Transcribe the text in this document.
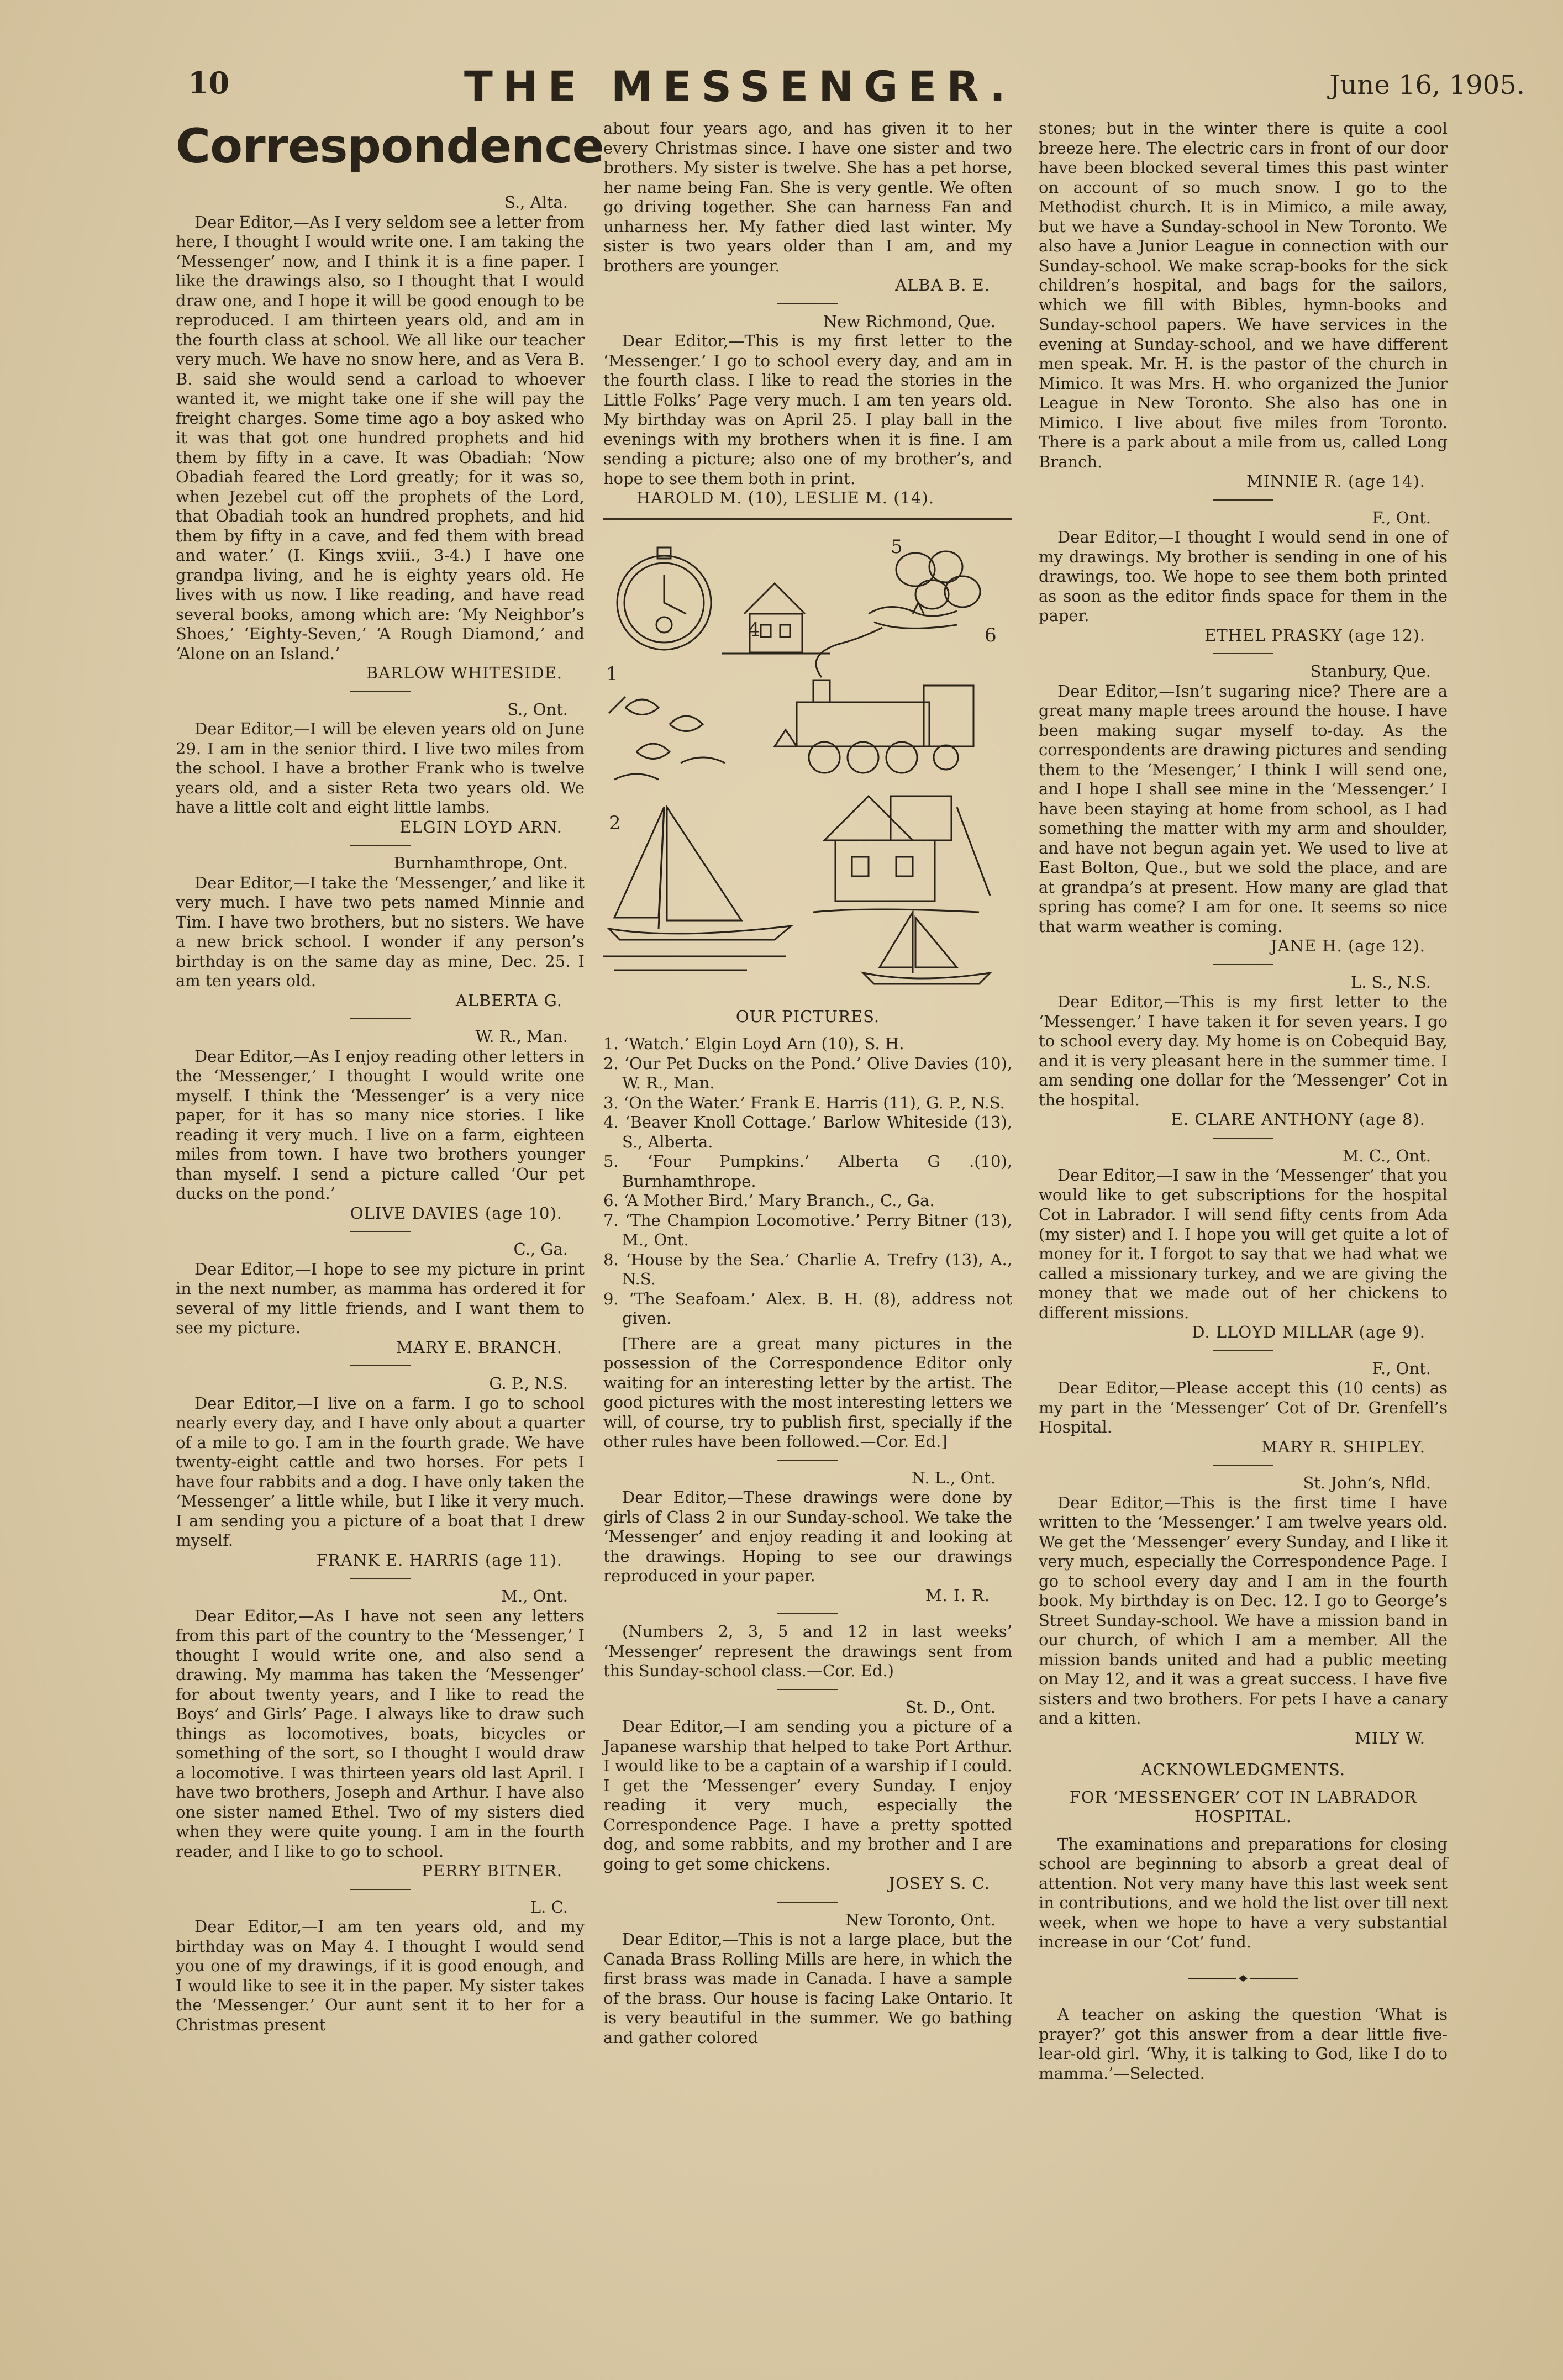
10	THE MESSENGER.	June 16, 1905.
Correspondence

S., Alta.

Dear Editor,—As I very seldom see a letter from here, I thought I would write one. I am taking the ‘Messenger’ now, and I think it is a fine paper. I like the drawings also, so I thought that I would draw one, and I hope it will be good enough to be reproduced. I am thirteen years old, and am in the fourth class at school. We all like our teacher very much. We have no snow here, and as Vera B. B. said she would send a carload to whoever wanted it, we might take one if she will pay the freight charges. Some time ago a boy asked who it was that got one hundred prophets and hid them by fifty in a cave. It was Obadiah: ‘Now Obadiah feared the Lord greatly; for it was so, when Jezebel cut off the prophets of the Lord, that Obadiah took an hundred prophets, and hid them by fifty in a cave, and fed them with bread and water.’ (I. Kings xviii., 3-4.) I have one grandpa living, and he is eighty years old. He lives with us now. I like reading, and have read several books, among which are: ‘My Neighbor’s Shoes,’ ‘Eighty-Seven,’ ‘A Rough Diamond,’ and ‘Alone on an Island.’

BARLOW WHITESIDE.

S., Ont.

Dear Editor,—I will be eleven years old on June 29. I am in the senior third. I live two miles from the school. I have a brother Frank who is twelve years old, and a sister Reta two years old. We have a little colt and eight little lambs.

ELGIN LOYD ARN.

Burnhamthrope, Ont.

Dear Editor,—I take the ‘Messenger,’ and like it very much. I have two pets named Minnie and Tim. I have two brothers, but no sisters. We have a new brick school. I wonder if any person’s birthday is on the same day as mine, Dec. 25. I am ten years old.

ALBERTA G.

W. R., Man.

Dear Editor,—As I enjoy reading other letters in the ‘Messenger,’ I thought I would write one myself. I think the ‘Messenger’ is a very nice paper, for it has so many nice stories. I like reading it very much. I live on a farm, eighteen miles from town. I have two brothers younger than myself. I send a picture called ‘Our pet ducks on the pond.’

OLIVE DAVIES (age 10).

C., Ga.

Dear Editor,—I hope to see my picture in print in the next number, as mamma has ordered it for several of my little friends, and I want them to see my picture.

MARY E. BRANCH.

G. P., N.S.

Dear Editor,—I live on a farm. I go to school nearly every day, and I have only about a quarter of a mile to go. I am in the fourth grade. We have twenty-eight cattle and two horses. For pets I have four rabbits and a dog. I have only taken the ‘Messenger’ a little while, but I like it very much. I am sending you a picture of a boat that I drew myself.

FRANK E. HARRIS (age 11).

M., Ont.

Dear Editor,—As I have not seen any letters from this part of the country to the ‘Messenger,’ I thought I would write one, and also send a drawing. My mamma has taken the ‘Messenger’ for about twenty years, and I like to read the Boys’ and Girls’ Page. I always like to draw such things as locomotives, boats, bicycles or something of the sort, so I thought I would draw a locomotive. I was thirteen years old last April. I have two brothers, Joseph and Arthur. I have also one sister named Ethel. Two of my sisters died when they were quite young. I am in the fourth reader, and I like to go to school.

PERRY BITNER.

L. C.

Dear Editor,—I am ten years old, and my birthday was on May 4. I thought I would send you one of my drawings, if it is good enough, and I would like to see it in the paper. My sister takes the ‘Messenger.’ Our aunt sent it to her for a Christmas present

about four years ago, and has given it to her every Christmas since. I have one sister and two brothers. My sister is twelve. She has a pet horse, her name being Fan. She is very gentle. We often go driving together. She can harness Fan and unharness her. My father died last winter. My sister is two years older than I am, and my brothers are younger.

ALBA B. E.

New Richmond, Que.

Dear Editor,—This is my first letter to the ‘Messenger.’ I go to school every day, and am in the fourth class. I like to read the stories in the Little Folks’ Page very much. I am ten years old. My birthday was on April 25. I play ball in the evenings with my brothers when it is fine. I am sending a picture; also one of my brother’s, and hope to see them both in print.

HAROLD M. (10), LESLIE M. (14).

1
2
4
5
6

OUR PICTURES.

1. ‘Watch.’ Elgin Loyd Arn (10), S. H.

2. ‘Our Pet Ducks on the Pond.’ Olive Davies (10), W. R., Man.

3. ‘On the Water.’ Frank E. Harris (11), G. P., N.S.

4. ‘Beaver Knoll Cottage.’ Barlow Whiteside (13), S., Alberta.

5. ‘Four Pumpkins.’ Alberta G .(10), Burnhamthrope.

6. ‘A Mother Bird.’ Mary Branch., C., Ga.

7. ‘The Champion Locomotive.’ Perry Bitner (13), M., Ont.

8. ‘House by the Sea.’ Charlie A. Trefry (13), A., N.S.

9. ‘The Seafoam.’ Alex. B. H. (8), address not given.

[There are a great many pictures in the possession of the Correspondence Editor only waiting for an interesting letter by the artist. The good pictures with the most interesting letters we will, of course, try to publish first, specially if the other rules have been followed.—Cor. Ed.]

N. L., Ont.

Dear Editor,—These drawings were done by girls of Class 2 in our Sunday-school. We take the ‘Messenger’ and enjoy reading it and looking at the drawings. Hoping to see our drawings reproduced in your paper.

M. I. R.

(Numbers 2, 3, 5 and 12 in last weeks’ ‘Messenger’ represent the drawings sent from this Sunday-school class.—Cor. Ed.)

St. D., Ont.

Dear Editor,—I am sending you a picture of a Japanese warship that helped to take Port Arthur. I would like to be a captain of a warship if I could. I get the ‘Messenger’ every Sunday. I enjoy reading it very much, especially the Correspondence Page. I have a pretty spotted dog, and some rabbits, and my brother and I are going to get some chickens.

JOSEY S. C.

New Toronto, Ont.

Dear Editor,—This is not a large place, but the Canada Brass Rolling Mills are here, in which the first brass was made in Canada. I have a sample of the brass. Our house is facing Lake Ontario. It is very beautiful in the summer. We go bathing and gather colored

stones; but in the winter there is quite a cool breeze here. The electric cars in front of our door have been blocked several times this past winter on account of so much snow. I go to the Methodist church. It is in Mimico, a mile away, but we have a Sunday-school in New Toronto. We also have a Junior League in connection with our Sunday-school. We make scrap-books for the sick children’s hospital, and bags for the sailors, which we fill with Bibles, hymn-books and Sunday-school papers. We have services in the evening at Sunday-school, and we have different men speak. Mr. H. is the pastor of the church in Mimico. It was Mrs. H. who organized the Junior League in New Toronto. She also has one in Mimico. I live about five miles from Toronto. There is a park about a mile from us, called Long Branch.

MINNIE R. (age 14).

F., Ont.

Dear Editor,—I thought I would send in one of my drawings. My brother is sending in one of his drawings, too. We hope to see them both printed as soon as the editor finds space for them in the paper.

ETHEL PRASKY (age 12).

Stanbury, Que.

Dear Editor,—Isn’t sugaring nice? There are a great many maple trees around the house. I have been making sugar myself to-day. As the correspondents are drawing pictures and sending them to the ‘Mesenger,’ I think I will send one, and I hope I shall see mine in the ‘Messenger.’ I have been staying at home from school, as I had something the matter with my arm and shoulder, and have not begun again yet. We used to live at East Bolton, Que., but we sold the place, and are at grandpa’s at present. How many are glad that spring has come? I am for one. It seems so nice that warm weather is coming.

JANE H. (age 12).

L. S., N.S.

Dear Editor,—This is my first letter to the ‘Messenger.’ I have taken it for seven years. I go to school every day. My home is on Cobequid Bay, and it is very pleasant here in the summer time. I am sending one dollar for the ‘Messenger’ Cot in the hospital.

E. CLARE ANTHONY (age 8).

M. C., Ont.

Dear Editor,—I saw in the ‘Messenger’ that you would like to get subscriptions for the hospital Cot in Labrador. I will send fifty cents from Ada (my sister) and I. I hope you will get quite a lot of money for it. I forgot to say that we had what we called a missionary turkey, and we are giving the money that we made out of her chickens to different missions.

D. LLOYD MILLAR (age 9).

F., Ont.

Dear Editor,—Please accept this (10 cents) as my part in the ‘Messenger’ Cot of Dr. Grenfell’s Hospital.

MARY R. SHIPLEY.

St. John’s, Nfld.

Dear Editor,—This is the first time I have written to the ‘Messenger.’ I am twelve years old. We get the ‘Messenger’ every Sunday, and I like it very much, especially the Correspondence Page. I go to school every day and I am in the fourth book. My birthday is on Dec. 12. I go to George’s Street Sunday-school. We have a mission band in our church, of which I am a member. All the mission bands united and had a public meeting on May 12, and it was a great success. I have five sisters and two brothers. For pets I have a canary and a kitten.

MILY W.

ACKNOWLEDGMENTS.

FOR ‘MESSENGER’ COT IN LABRADOR HOSPITAL.

The examinations and preparations for closing school are beginning to absorb a great deal of attention. Not very many have this last week sent in contributions, and we hold the list over till next week, when we hope to have a very substantial increase in our ‘Cot’ fund.

A teacher on asking the question ‘What is prayer?’ got this answer from a dear little five-lear-old girl. ‘Why, it is talking to God, like I do to mamma.’—Selected.
